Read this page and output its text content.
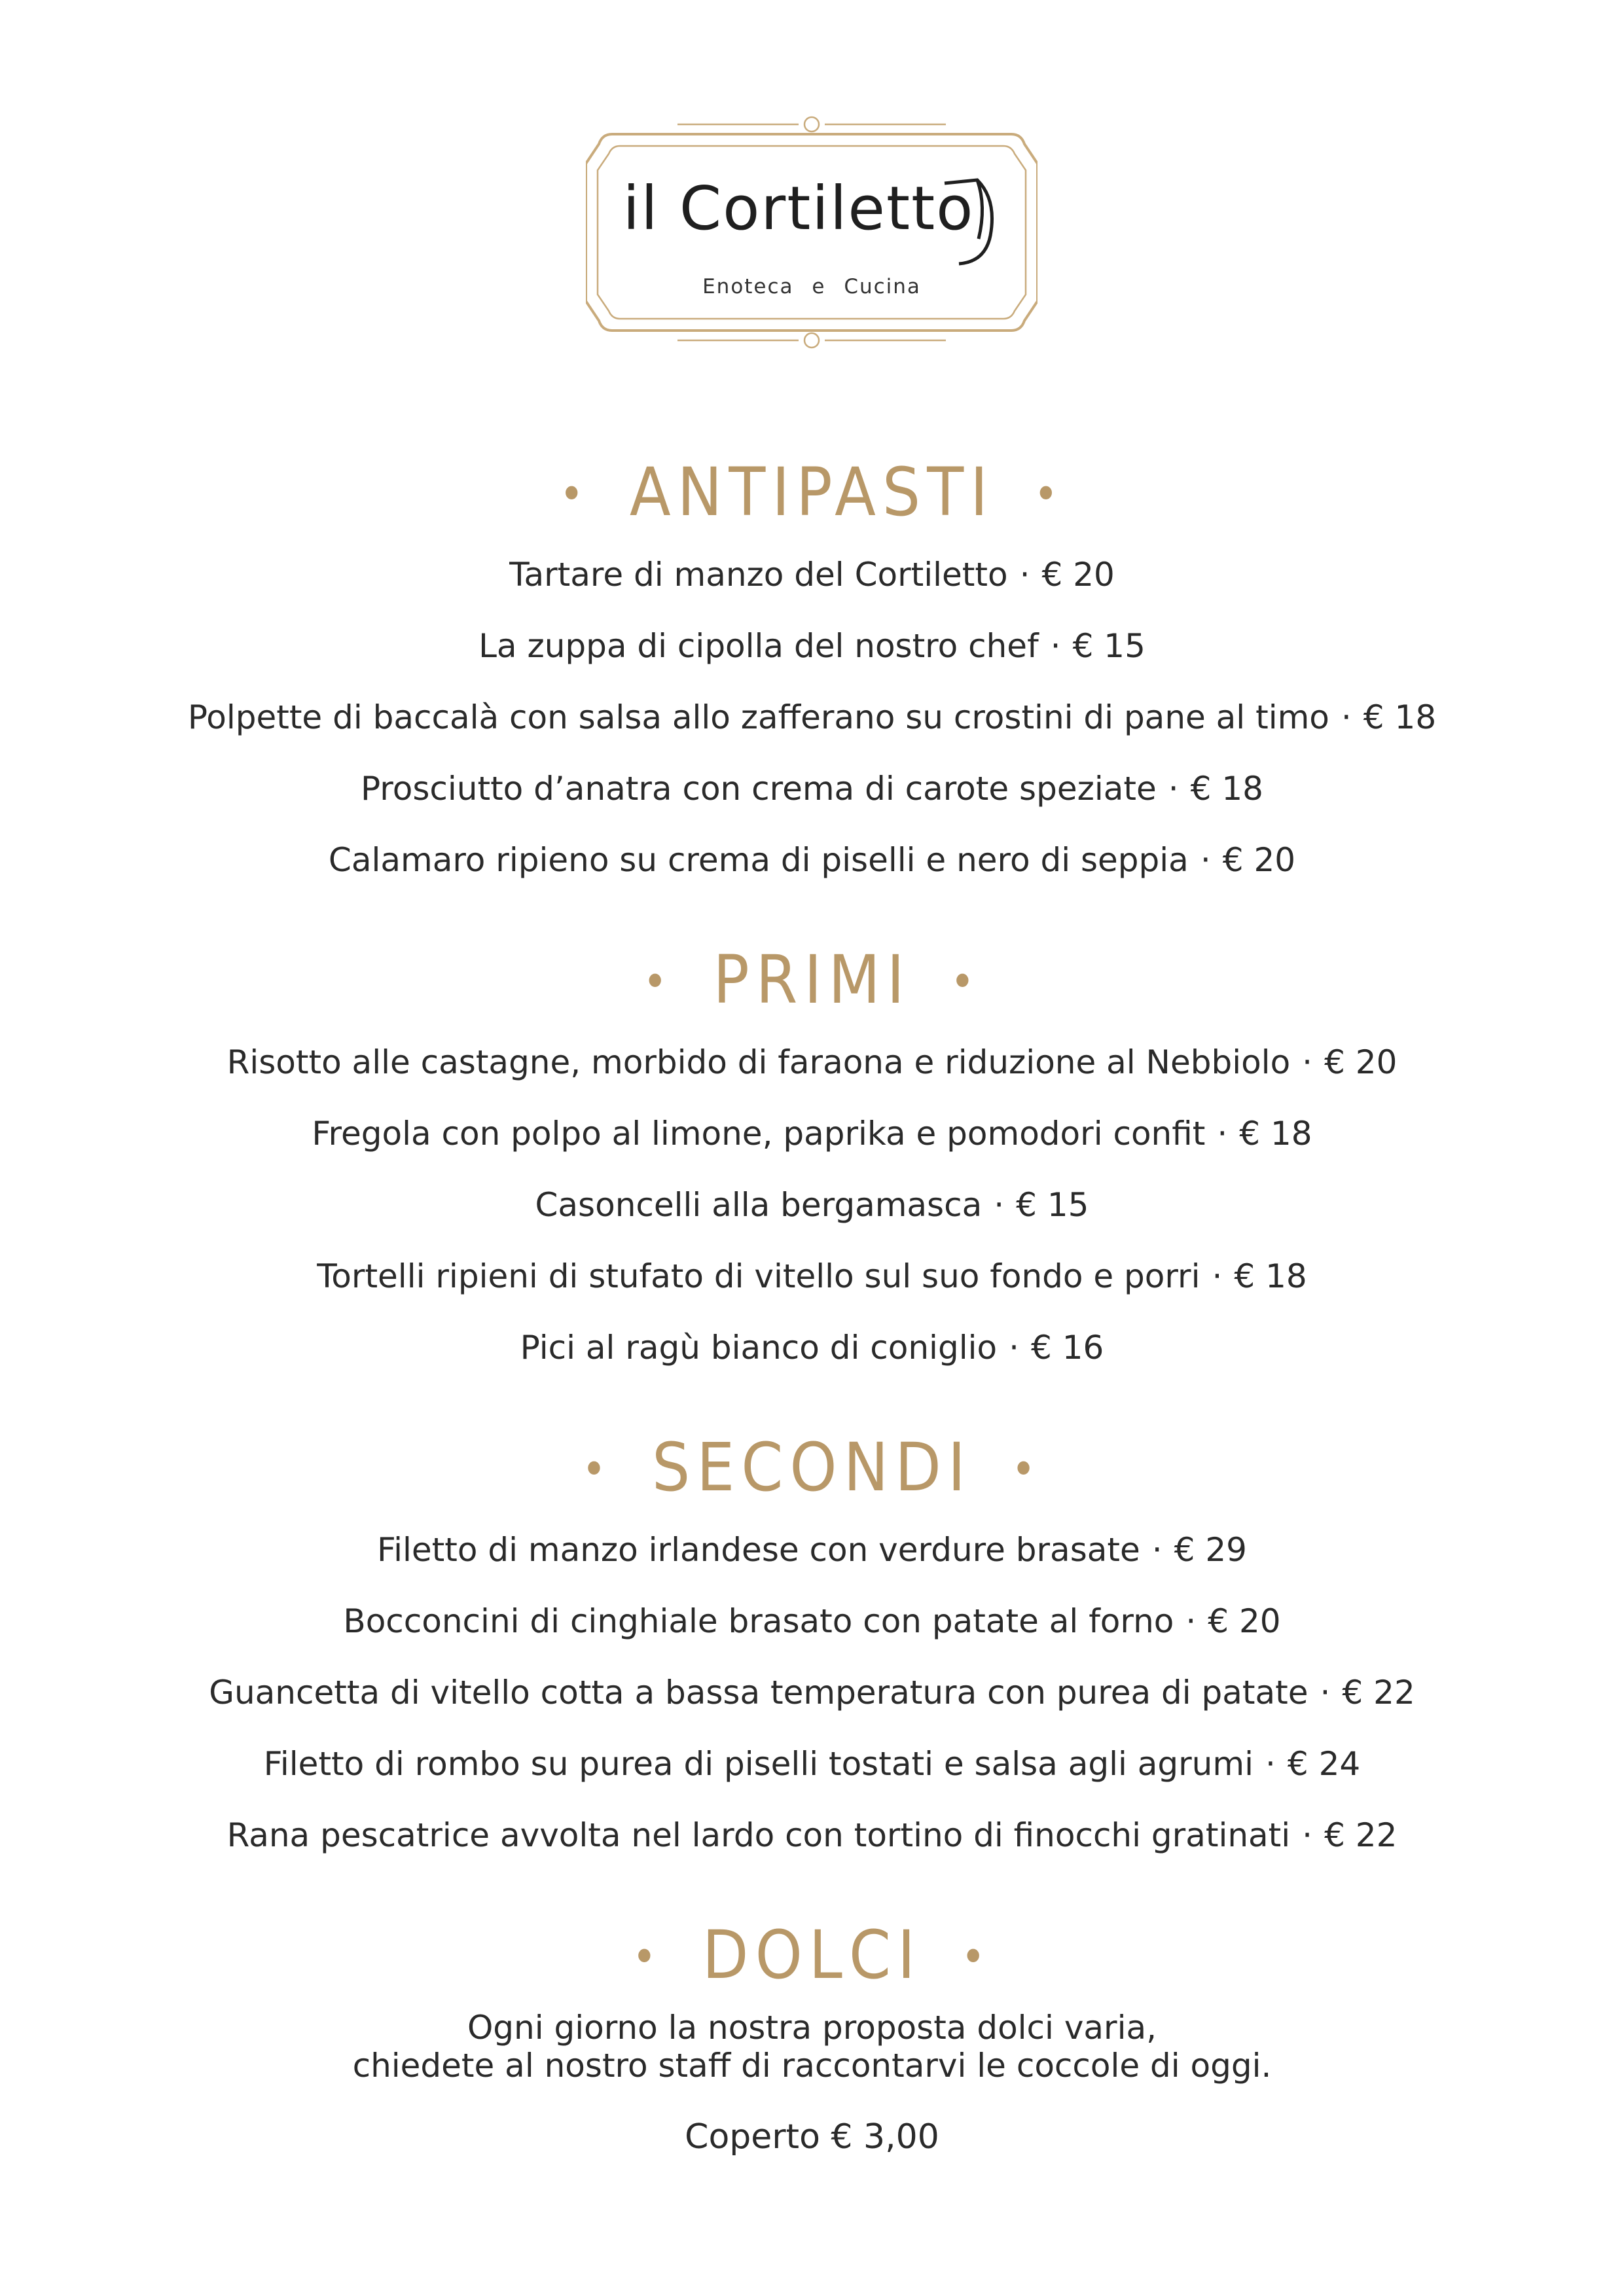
il Cortiletto
Enoteca e Cucina
• ANTIPASTI •
Tartare di manzo del Cortiletto · € 20
La zuppa di cipolla del nostro chef · € 15
Polpette di baccalà con salsa allo zafferano su crostini di pane al timo · € 18
Prosciutto d’anatra con crema di carote speziate · € 18
Calamaro ripieno su crema di piselli e nero di seppia · € 20
• PRIMI •
Risotto alle castagne, morbido di faraona e riduzione al Nebbiolo · € 20
Fregola con polpo al limone, paprika e pomodori confit · € 18
Casoncelli alla bergamasca · € 15
Tortelli ripieni di stufato di vitello sul suo fondo e porri · € 18
Pici al ragù bianco di coniglio · € 16
• SECONDI •
Filetto di manzo irlandese con verdure brasate · € 29
Bocconcini di cinghiale brasato con patate al forno · € 20
Guancetta di vitello cotta a bassa temperatura con purea di patate · € 22
Filetto di rombo su purea di piselli tostati e salsa agli agrumi · € 24
Rana pescatrice avvolta nel lardo con tortino di finocchi gratinati · € 22
• DOLCI •
Ogni giorno la nostra proposta dolci varia,
chiedete al nostro staff di raccontarvi le coccole di oggi.
Coperto € 3,00
